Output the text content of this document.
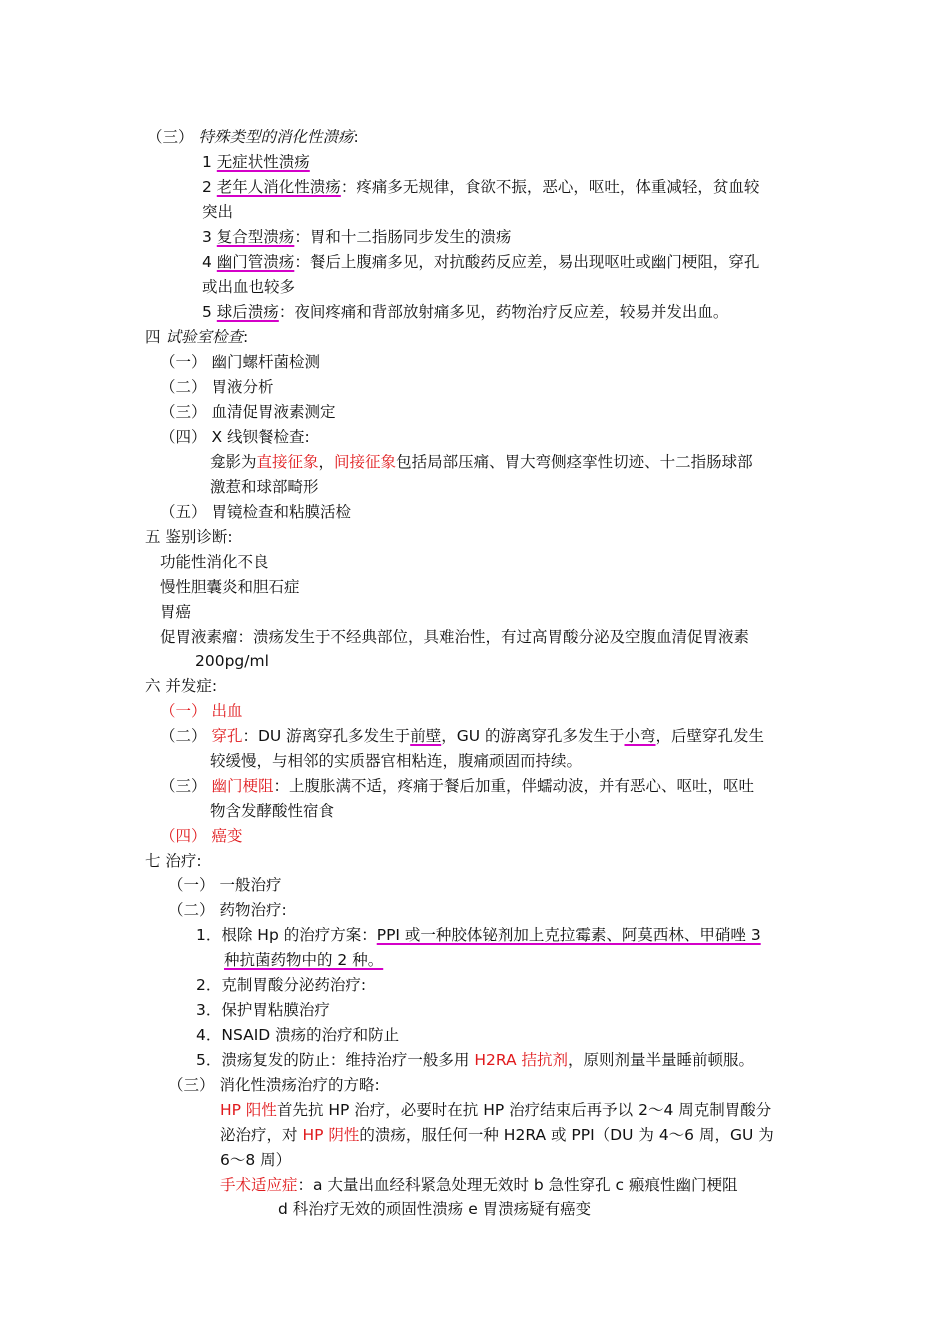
（三） 特殊类型的消化性溃疡:
1 无症状性溃疡
2 老年人消化性溃疡：疼痛多无规律，食欲不振，恶心，呕吐，体重减轻，贫血较
突出
3 复合型溃疡：胃和十二指肠同步发生的溃疡
4 幽门管溃疡：餐后上腹痛多见，对抗酸药反应差，易出现呕吐或幽门梗阻，穿孔
或出血也较多
5 球后溃疡：夜间疼痛和背部放射痛多见，药物治疗反应差，较易并发出血。
四 试验室检查:
（一） 幽门螺杆菌检测
（二） 胃液分析
（三） 血清促胃液素测定
（四） X 线钡餐检查:
龛影为直接征象，间接征象包括局部压痛、胃大弯侧痉挛性切迹、十二指肠球部
激惹和球部畸形
（五） 胃镜检查和粘膜活检
五 鉴别诊断:
功能性消化不良
慢性胆囊炎和胆石症
胃癌
促胃液素瘤：溃疡发生于不经典部位，具难治性，有过高胃酸分泌及空腹血清促胃液素
200pg/ml
六 并发症:
（一） 出血
（二） 穿孔：DU 游离穿孔多发生于前壁，GU 的游离穿孔多发生于小弯，后壁穿孔发生
较缓慢，与相邻的实质器官相粘连，腹痛顽固而持续。
（三） 幽门梗阻：上腹胀满不适，疼痛于餐后加重，伴蠕动波，并有恶心、呕吐，呕吐
物含发酵酸性宿食
（四） 癌变
七 治疗:
（一） 一般治疗
（二） 药物治疗:
1．根除 Hp 的治疗方案：PPI 或一种胶体铋剂加上克拉霉素、阿莫西林、甲硝唑 3
种抗菌药物中的 2 种。
2．克制胃酸分泌药治疗:
3．保护胃粘膜治疗
4．NSAID 溃疡的治疗和防止
5．溃疡复发的防止：维持治疗一般多用 H2RA 拮抗剂，原则剂量半量睡前顿服。
（三） 消化性溃疡治疗的方略:
HP 阳性首先抗 HP 治疗，必要时在抗 HP 治疗结束后再予以 2～4 周克制胃酸分
泌治疗，对 HP 阴性的溃疡，服任何一种 H2RA 或 PPI（DU 为 4～6 周，GU 为
6～8 周）
手术适应症：a 大量出血经科紧急处理无效时 b 急性穿孔 c 瘢痕性幽门梗阻
d 科治疗无效的顽固性溃疡 e 胃溃疡疑有癌变
